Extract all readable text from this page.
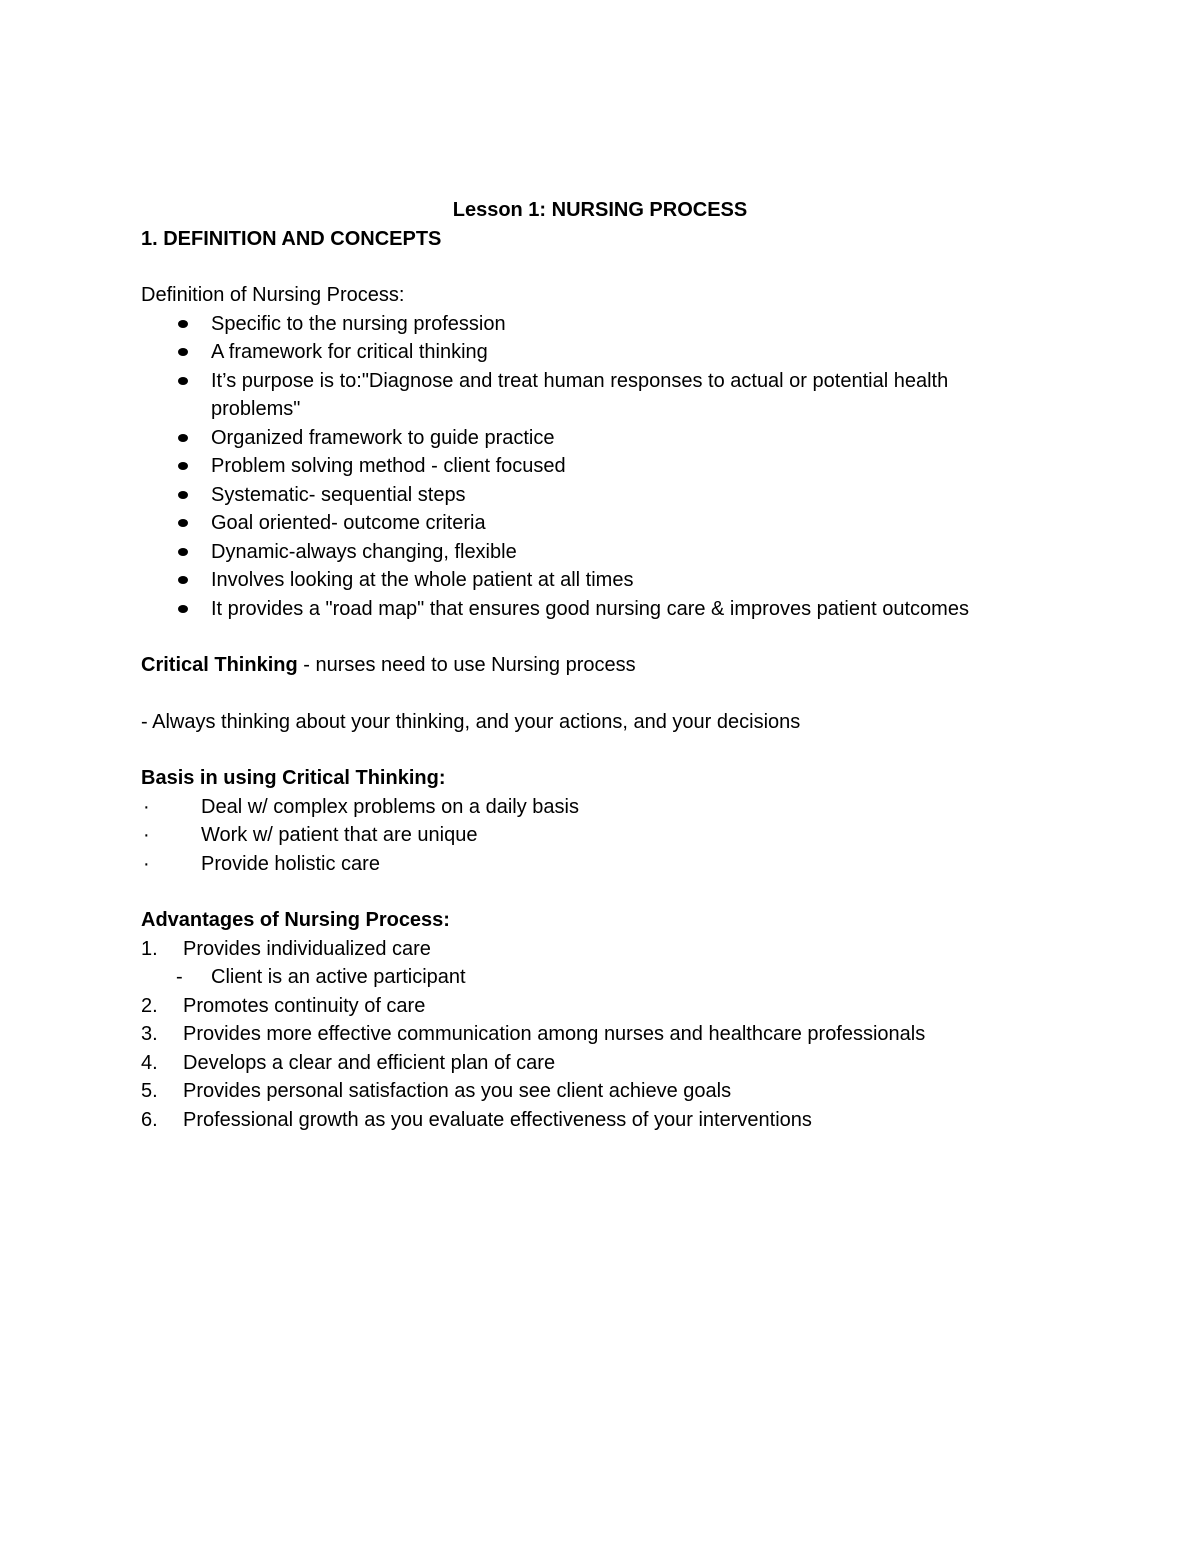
Lesson 1: NURSING PROCESS
1. DEFINITION AND CONCEPTS
Definition of Nursing Process:
Specific to the nursing profession
A framework for critical thinking
It’s purpose is to:"Diagnose and treat human responses to actual or potential health problems"
Organized framework to guide practice
Problem solving method - client focused
Systematic- sequential steps
Goal oriented- outcome criteria
Dynamic-always changing, flexible
Involves looking at the whole patient at all times
It provides a "road map" that ensures good nursing care & improves patient outcomes
Critical Thinking - nurses need to use Nursing process
- Always thinking about your thinking, and your actions, and your decisions
Basis in using Critical Thinking:
·	Deal w/ complex problems on a daily basis
·	Work w/ patient that are unique
·	Provide holistic care
Advantages of Nursing Process:
1. Provides individualized care
- Client is an active participant
2. Promotes continuity of care
3. Provides more effective communication among nurses and healthcare professionals
4. Develops a clear and efficient plan of care
5. Provides personal satisfaction as you see client achieve goals
6. Professional growth as you evaluate effectiveness of your interventions
